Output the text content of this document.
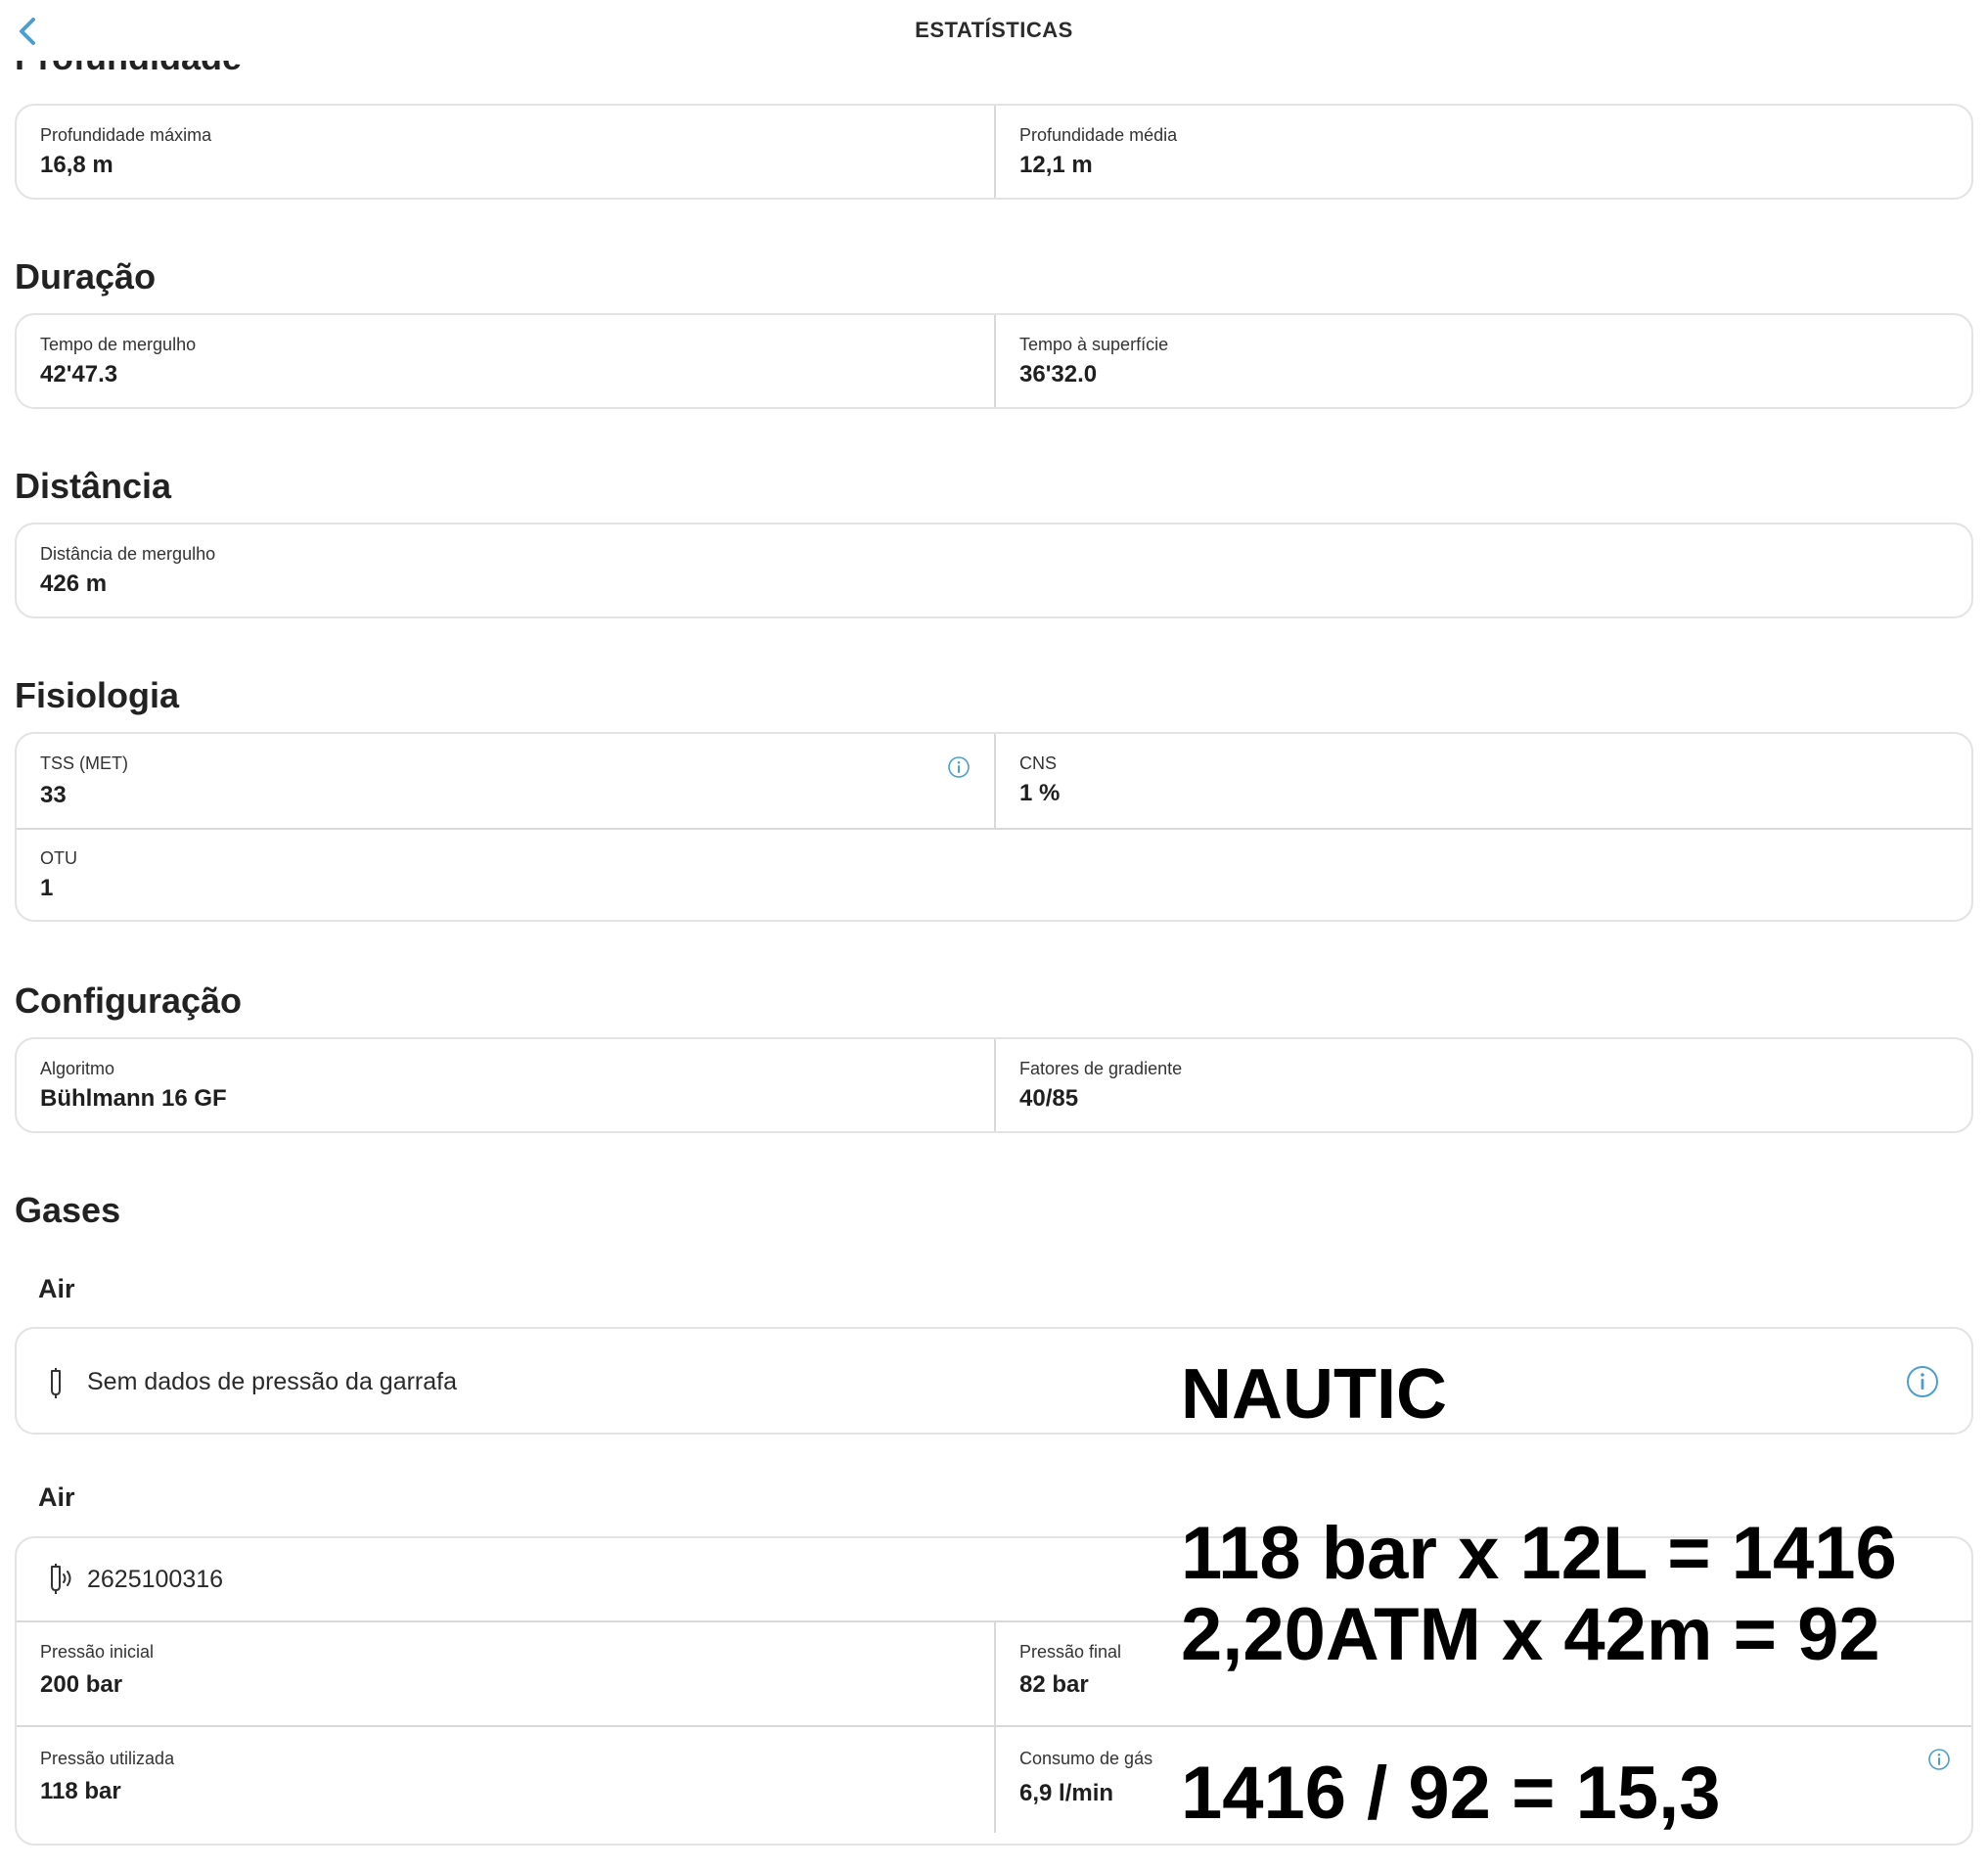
ESTATÍSTICAS
Profundidade máxima
16,8 m
Profundidade média
12,1 m
Duração
Tempo de mergulho
42'47.3
Tempo à superfície
36'32.0
Distância
Distância de mergulho
426 m
Fisiologia
TSS (MET)
33
CNS
1 %
OTU
1
Configuração
Algoritmo
Bühlmann 16 GF
Fatores de gradiente
40/85
Gases
Air
Sem dados de pressão da garrafa
Air
2625100316
Pressão inicial
200 bar
Pressão final
82 bar
Pressão utilizada
118 bar
Consumo de gás
6,9 l/min
NAUTIC
118 bar x 12L = 1416
2,20ATM x 42m = 92
1416 / 92 = 15,3
